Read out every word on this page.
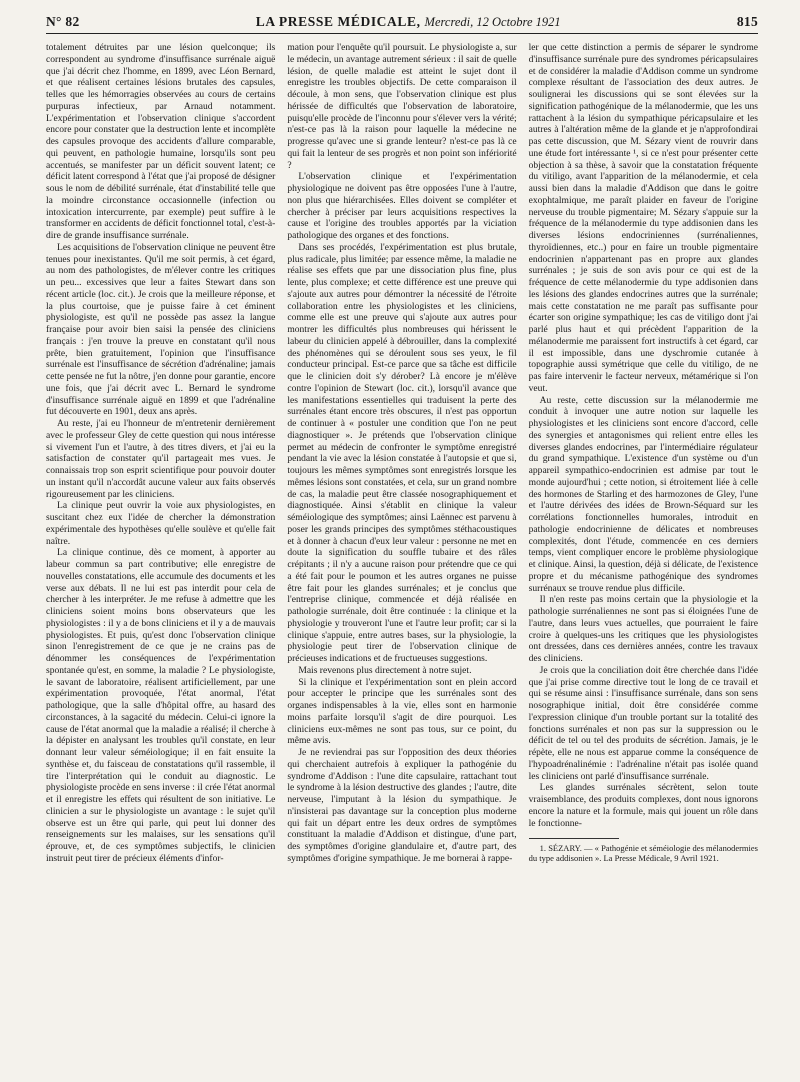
N° 82	LA PRESSE MÉDICALE, Mercredi, 12 Octobre 1921	815

totalement détruites par une lésion quelconque; ils correspondent au syndrome d'insuffisance surrénale aiguë que j'ai décrit chez l'homme, en 1899, avec Léon Bernard, et que réalisent certaines lésions brutales des capsules, telles que les hémorragies observées au cours de certains purpuras infectieux, par Arnaud notamment. L'expérimentation et l'observation clinique s'accordent encore pour constater que la destruction lente et incomplète des capsules provoque des accidents d'allure comparable, qui peuvent, en pathologie humaine, lorsqu'ils sont peu accentués, se manifester par un déficit souvent latent; ce déficit latent correspond à l'état que j'ai proposé de désigner sous le nom de débilité surrénale, état d'instabilité telle que la moindre circonstance occasionnelle (infection ou intoxication intercurrente, par exemple) peut suffire à le transformer en accidents de déficit fonctionnel total, c'est-à-dire de grande insuffisance surrénale.

Les acquisitions de l'observation clinique ne peuvent être tenues pour inexistantes. Qu'il me soit permis, à cet égard, au nom des pathologistes, de m'élever contre les critiques un peu... excessives que leur a faites Stewart dans son récent article (loc. cit.). Je crois que la meilleure réponse, et la plus courtoise, que je puisse faire à cet éminent physiologiste, est qu'il ne possède pas assez la langue française pour avoir bien saisi la pensée des cliniciens français : j'en trouve la preuve en constatant qu'il nous prête, bien gratuitement, l'opinion que l'insuffisance surrénale est l'insuffisance de sécrétion d'adrénaline; jamais cette pensée ne fut la nôtre, j'en donne pour garantie, encore une fois, que j'ai décrit avec L. Bernard le syndrome d'insuffisance surrénale aiguë en 1899 et que l'adrénaline fut découverte en 1901, deux ans après.

Au reste, j'ai eu l'honneur de m'entretenir dernièrement avec le professeur Gley de cette question qui nous intéresse si vivement l'un et l'autre, à des titres divers, et j'ai eu la satisfaction de constater qu'il partageait mes vues. Je connaissais trop son esprit scientifique pour pouvoir douter un instant qu'il n'accordât aucune valeur aux faits observés rigoureusement par les cliniciens.

La clinique peut ouvrir la voie aux physiologistes, en suscitant chez eux l'idée de chercher la démonstration expérimentale des hypothèses qu'elle soulève et qu'elle fait naître.

La clinique continue, dès ce moment, à apporter au labeur commun sa part contributive; elle enregistre de nouvelles constatations, elle accumule des documents et les verse aux débats. Il ne lui est pas interdit pour cela de chercher à les interpréter. Je me refuse à admettre que les cliniciens soient moins bons observateurs que les physiologistes : il y a de bons cliniciens et il y a de mauvais physiologistes. Et puis, qu'est donc l'observation clinique sinon l'enregistrement de ce que je ne crains pas de dénommer les conséquences de l'expérimentation spontanée qu'est, en somme, la maladie ? Le physiologiste, le savant de laboratoire, réalisent artificiellement, par une expérimentation provoquée, l'état anormal, l'état pathologique, que la salle d'hôpital offre, au hasard des circonstances, à la sagacité du médecin. Celui-ci ignore la cause de l'état anormal que la maladie a réalisé; il cherche à la dépister en analysant les troubles qu'il constate, en leur donnant leur valeur séméiologique; il en fait ensuite la synthèse et, du faisceau de constatations qu'il rassemble, il tire l'interprétation qui le conduit au diagnostic. Le physiologiste procède en sens inverse : il crée l'état anormal et il enregistre les effets qui résultent de son initiative. Le clinicien a sur le physiologiste un avantage : le sujet qu'il observe est un être qui parle, qui peut lui donner des renseignements sur les malaises, sur les sensations qu'il éprouve, et, de ces symptômes subjectifs, le clinicien instruit peut tirer de précieux éléments d'infor-

mation pour l'enquête qu'il poursuit. Le physiologiste a, sur le médecin, un avantage autrement sérieux : il sait de quelle lésion, de quelle maladie est atteint le sujet dont il enregistre les troubles objectifs. De cette comparaison il découle, à mon sens, que l'observation clinique est plus hérissée de difficultés que l'observation de laboratoire, puisqu'elle procède de l'inconnu pour s'élever vers la vérité; n'est-ce pas là la raison pour laquelle la médecine ne progresse qu'avec une si grande lenteur? n'est-ce pas là ce qui fait la lenteur de ses progrès et non point son infériorité ?

L'observation clinique et l'expérimentation physiologique ne doivent pas être opposées l'une à l'autre, non plus que hiérarchisées. Elles doivent se compléter et chercher à préciser par leurs acquisitions respectives la cause et l'origine des troubles apportés par la viciation pathologique des organes et des fonctions.

Dans ses procédés, l'expérimentation est plus brutale, plus radicale, plus limitée; par essence même, la maladie ne réalise ses effets que par une dissociation plus fine, plus lente, plus complexe; et cette différence est une preuve qui s'ajoute aux autres pour démontrer la nécessité de l'étroite collaboration entre les physiologistes et les cliniciens, comme elle est une preuve qui s'ajoute aux autres pour montrer les difficultés plus nombreuses qui hérissent le labeur du clinicien appelé à débrouiller, dans la complexité des phénomènes qui se déroulent sous ses yeux, le fil conducteur principal. Est-ce parce que sa tâche est difficile que le clinicien doit s'y dérober? Là encore je m'élève contre l'opinion de Stewart (loc. cit.), lorsqu'il avance que les manifestations essentielles qui traduisent la perte des surrénales étant encore très obscures, il n'est pas opportun de continuer à « postuler une condition que l'on ne peut diagnostiquer ». Je prétends que l'observation clinique permet au médecin de confronter le symptôme enregistré pendant la vie avec la lésion constatée à l'autopsie et que si, toujours les mêmes symptômes sont enregistrés lorsque les mêmes lésions sont constatées, et cela, sur un grand nombre de cas, la maladie peut être classée nosographiquement et diagnostiquée. Ainsi s'établit en clinique la valeur séméiologique des symptômes; ainsi Laënnec est parvenu à poser les grands principes des symptômes stéthacoustiques et à donner à chacun d'eux leur valeur : personne ne met en doute la signification du souffle tubaire et des râles crépitants ; il n'y a aucune raison pour prétendre que ce qui a été fait pour le poumon et les autres organes ne puisse être fait pour les glandes surrénales; et je conclus que l'entreprise clinique, commencée et déjà réalisée en pathologie surrénale, doit être continuée : la clinique et la physiologie y trouveront l'une et l'autre leur profit; car si la clinique s'appuie, entre autres bases, sur la physiologie, la physiologie peut tirer de l'observation clinique de précieuses indications et de fructueuses suggestions.

Mais revenons plus directement à notre sujet.

Si la clinique et l'expérimentation sont en plein accord pour accepter le principe que les surrénales sont des organes indispensables à la vie, elles sont en harmonie moins parfaite lorsqu'il s'agit de dire pourquoi. Les cliniciens eux-mêmes ne sont pas tous, sur ce point, du même avis.

Je ne reviendrai pas sur l'opposition des deux théories qui cherchaient autrefois à expliquer la pathogénie du syndrome d'Addison : l'une dite capsulaire, rattachant tout le syndrome à la lésion destructive des glandes ; l'autre, dite nerveuse, l'imputant à la lésion du sympathique. Je n'insisterai pas davantage sur la conception plus moderne qui fait un départ entre les deux ordres de symptômes constituant la maladie d'Addison et distingue, d'une part, des symptômes d'origine glandulaire et, d'autre part, des symptômes d'origine sympathique. Je me bornerai à rappe-

ler que cette distinction a permis de séparer le syndrome d'insuffisance surrénale pure des syndromes péricapsulaires et de considérer la maladie d'Addison comme un syndrome complexe résultant de l'association des deux autres. Je soulignerai les discussions qui se sont élevées sur la signification pathogénique de la mélanodermie, que les uns rattachent à la lésion du sympathique péricapsulaire et les autres à l'altération même de la glande et je n'approfondirai pas cette discussion, que M. Sézary vient de rouvrir dans une étude fort intéressante ¹, si ce n'est pour présenter cette objection à sa thèse, à savoir que la constatation fréquente du vitiligo, avant l'apparition de la mélanodermie, et cela aussi bien dans la maladie d'Addison que dans le goitre exophtalmique, me paraît plaider en faveur de l'origine nerveuse du trouble pigmentaire; M. Sézary s'appuie sur la fréquence de la mélanodermie du type addisonien dans les diverses lésions endocriniennes (surrénaliennes, thyroïdiennes, etc..) pour en faire un trouble pigmentaire endocrinien n'appartenant pas en propre aux glandes surrénales ; je suis de son avis pour ce qui est de la fréquence de cette mélanodermie du type addisonien dans les lésions des glandes endocrines autres que la surrénale; mais cette constatation ne me paraît pas suffisante pour écarter son origine sympathique; les cas de vitiligo dont j'ai parlé plus haut et qui précèdent l'apparition de la mélanodermie me paraissent fort instructifs à cet égard, car il est impossible, dans une dyschromie cutanée à topographie aussi symétrique que celle du vitiligo, de ne pas faire intervenir le facteur nerveux, métamérique si l'on veut.

Au reste, cette discussion sur la mélanodermie me conduit à invoquer une autre notion sur laquelle les physiologistes et les cliniciens sont encore d'accord, celle des synergies et antagonismes qui relient entre elles les diverses glandes endocrines, par l'intermédiaire régulateur du grand sympathique. L'existence d'un système ou d'un appareil sympathico-endocrinien est admise par tout le monde aujourd'hui ; cette notion, si étroitement liée à celle des hormones de Starling et des harmozones de Gley, l'une et l'autre dérivées des idées de Brown-Séquard sur les corrélations fonctionnelles humorales, introduit en pathologie endocrinienne de délicates et nombreuses complexités, dont l'étude, commencée en ces derniers temps, vient compliquer encore le problème physiologique et clinique. Ainsi, la question, déjà si délicate, de l'existence propre et du mécanisme pathogénique des syndromes surrénaux se trouve rendue plus difficile.

Il n'en reste pas moins certain que la physiologie et la pathologie surrénaliennes ne sont pas si éloignées l'une de l'autre, dans leurs vues actuelles, que pourraient le faire croire à quelques-uns les critiques que les physiologistes ont dressées, dans ces dernières années, contre les travaux des cliniciens.

Je crois que la conciliation doit être cherchée dans l'idée que j'ai prise comme directive tout le long de ce travail et qui se résume ainsi : l'insuffisance surrénale, dans son sens nosographique initial, doit être considérée comme l'expression clinique d'un trouble portant sur la totalité des fonctions surrénales et non pas sur la suppression ou le déficit de tel ou tel des produits de sécrétion. Jamais, je le répète, elle ne nous est apparue comme la conséquence de l'hypoadrénalinémie : l'adrénaline n'était pas isolée quand les cliniciens ont parlé d'insuffisance surrénale.

Les glandes surrénales sécrètent, selon toute vraisemblance, des produits complexes, dont nous ignorons encore la nature et la formule, mais qui jouent un rôle dans le fonctionne-

1. SÉZARY. — « Pathogénie et séméiologie des mélanodermies du type addisonien ». La Presse Médicale, 9 Avril 1921.
